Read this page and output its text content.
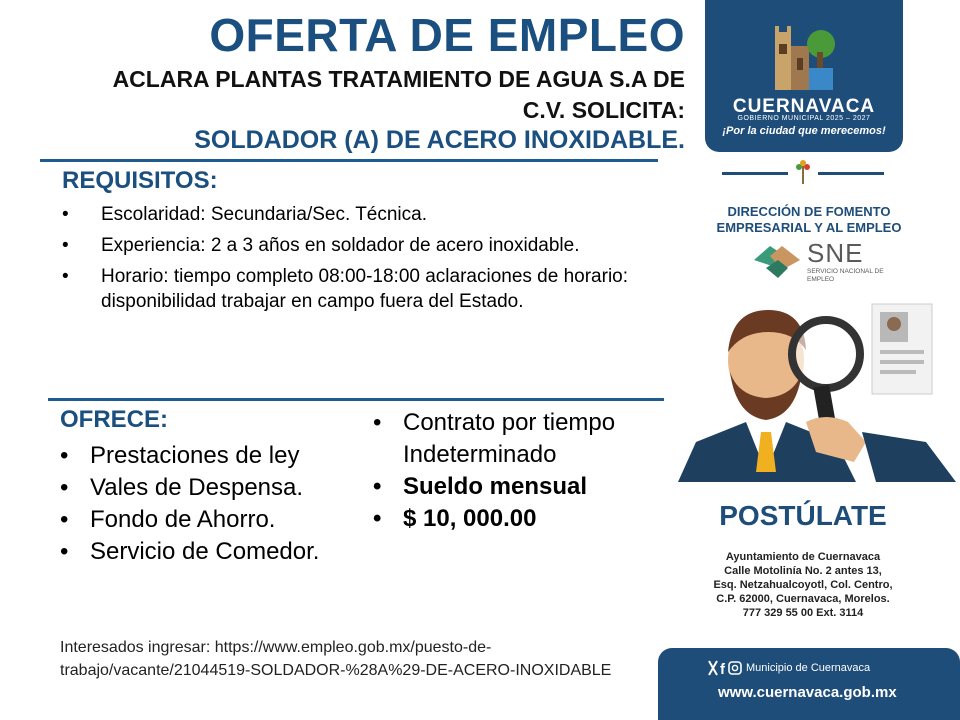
OFERTA DE EMPLEO
ACLARA PLANTAS TRATAMIENTO DE AGUA S.A DE
C.V. SOLICITA:
SOLDADOR (A) DE ACERO INOXIDABLE.
REQUISITOS:
• Escolaridad: Secundaria/Sec. Técnica.
• Experiencia: 2 a 3 años en soldador de acero inoxidable.
• Horario: tiempo completo 08:00-18:00 aclaraciones de horario: disponibilidad trabajar en campo fuera del Estado.
OFRECE:
• Prestaciones de ley
• Vales de Despensa.
• Fondo de Ahorro.
• Servicio de Comedor.
• Contrato por tiempo Indeterminado
• Sueldo mensual
• $ 10, 000.00
Interesados ingresar: https://www.empleo.gob.mx/puesto-de-trabajo/vacante/21044519-SOLDADOR-%28A%29-DE-ACERO-INOXIDABLE
CUERNAVACA
GOBIERNO MUNICIPAL 2025 – 2027
¡Por la ciudad que merecemos!
DIRECCIÓN DE FOMENTO EMPRESARIAL Y AL EMPLEO
SNE
SERVICIO NACIONAL DE EMPLEO
POSTÚLATE
Ayuntamiento de Cuernavaca
Calle Motolinía No. 2 antes 13,
Esq. Netzahualcoyotl, Col. Centro,
C.P. 62000, Cuernavaca, Morelos.
777 329 55 00 Ext. 3114
f Municipio de Cuernavaca
www.cuernavaca.gob.mx
